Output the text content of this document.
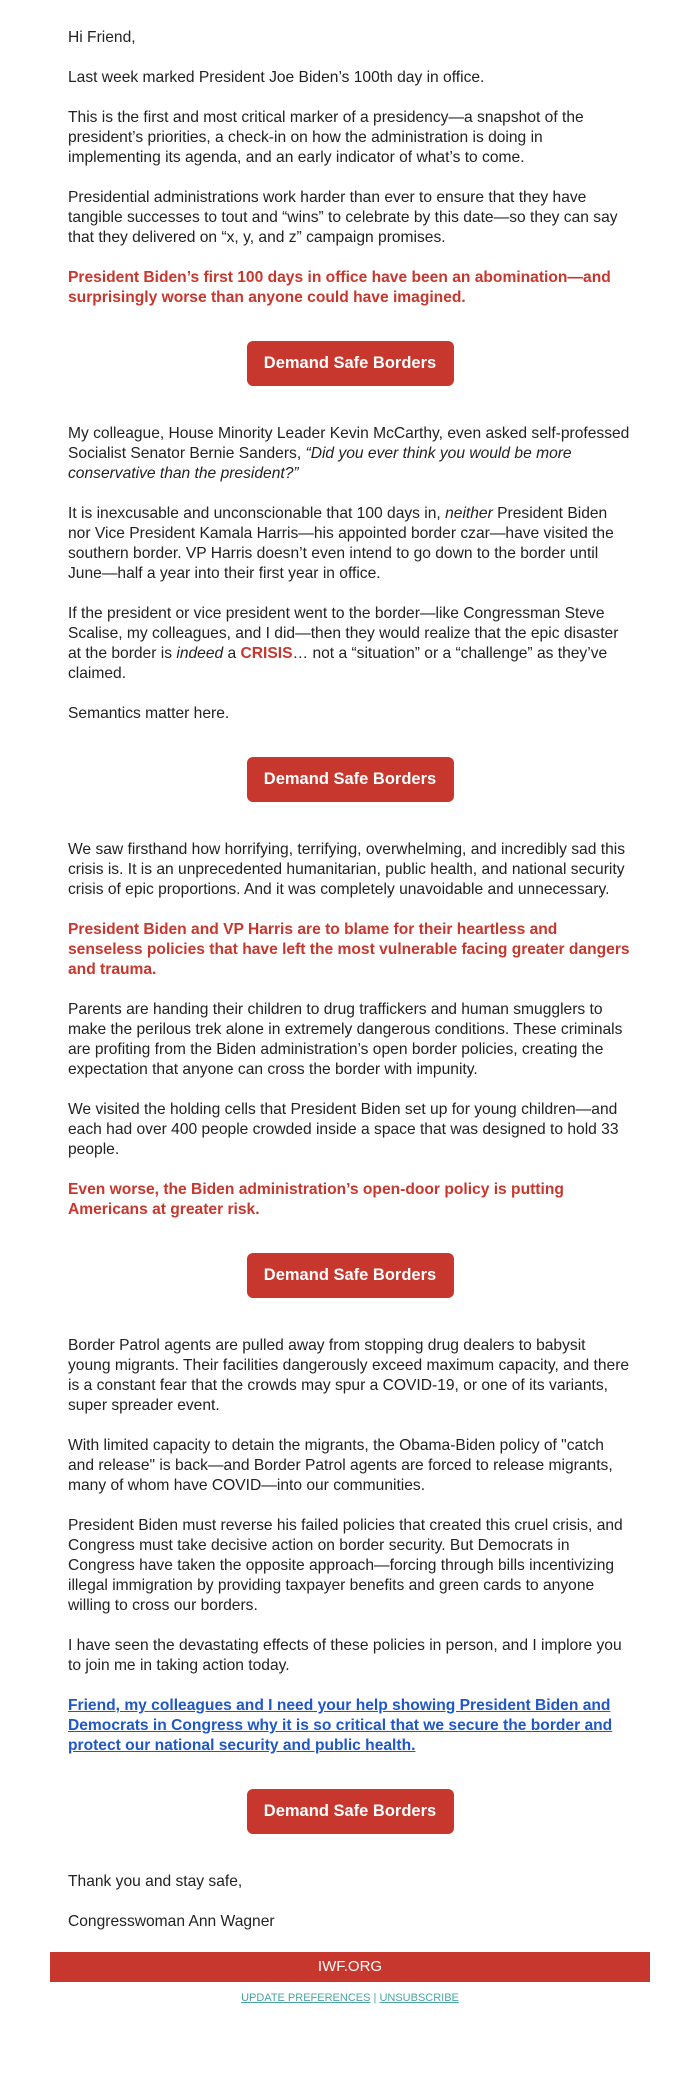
Hi Friend,

Last week marked President Joe Biden’s 100th day in office.

This is the first and most critical marker of a presidency—a snapshot of the president’s priorities, a check-in on how the administration is doing in implementing its agenda, and an early indicator of what’s to come.

Presidential administrations work harder than ever to ensure that they have tangible successes to tout and “wins” to celebrate by this date—so they can say that they delivered on “x, y, and z” campaign promises.

President Biden’s first 100 days in office have been an abomination—and surprisingly worse than anyone could have imagined.

Demand Safe Borders

My colleague, House Minority Leader Kevin McCarthy, even asked self-professed Socialist Senator Bernie Sanders, “Did you ever think you would be more conservative than the president?”

It is inexcusable and unconscionable that 100 days in, neither President Biden nor Vice President Kamala Harris—his appointed border czar—have visited the southern border. VP Harris doesn’t even intend to go down to the border until June—half a year into their first year in office.

If the president or vice president went to the border—like Congressman Steve Scalise, my colleagues, and I did—then they would realize that the epic disaster at the border is indeed a CRISIS… not a “situation” or a “challenge” as they’ve claimed.

Semantics matter here.

Demand Safe Borders

We saw firsthand how horrifying, terrifying, overwhelming, and incredibly sad this crisis is. It is an unprecedented humanitarian, public health, and national security crisis of epic proportions. And it was completely unavoidable and unnecessary.

President Biden and VP Harris are to blame for their heartless and senseless policies that have left the most vulnerable facing greater dangers and trauma.

Parents are handing their children to drug traffickers and human smugglers to make the perilous trek alone in extremely dangerous conditions. These criminals are profiting from the Biden administration’s open border policies, creating the expectation that anyone can cross the border with impunity.

We visited the holding cells that President Biden set up for young children—and each had over 400 people crowded inside a space that was designed to hold 33 people.

Even worse, the Biden administration’s open-door policy is putting Americans at greater risk.

Demand Safe Borders

Border Patrol agents are pulled away from stopping drug dealers to babysit young migrants. Their facilities dangerously exceed maximum capacity, and there is a constant fear that the crowds may spur a COVID-19, or one of its variants, super spreader event.

With limited capacity to detain the migrants, the Obama-Biden policy of "catch and release" is back—and Border Patrol agents are forced to release migrants, many of whom have COVID—into our communities.

President Biden must reverse his failed policies that created this cruel crisis, and Congress must take decisive action on border security. But Democrats in Congress have taken the opposite approach—forcing through bills incentivizing illegal immigration by providing taxpayer benefits and green cards to anyone willing to cross our borders.

I have seen the devastating effects of these policies in person, and I implore you to join me in taking action today.

Friend, my colleagues and I need your help showing President Biden and Democrats in Congress why it is so critical that we secure the border and protect our national security and public health.

Demand Safe Borders

Thank you and stay safe,

Congresswoman Ann Wagner

IWF.ORG
UPDATE PREFERENCES | UNSUBSCRIBE
